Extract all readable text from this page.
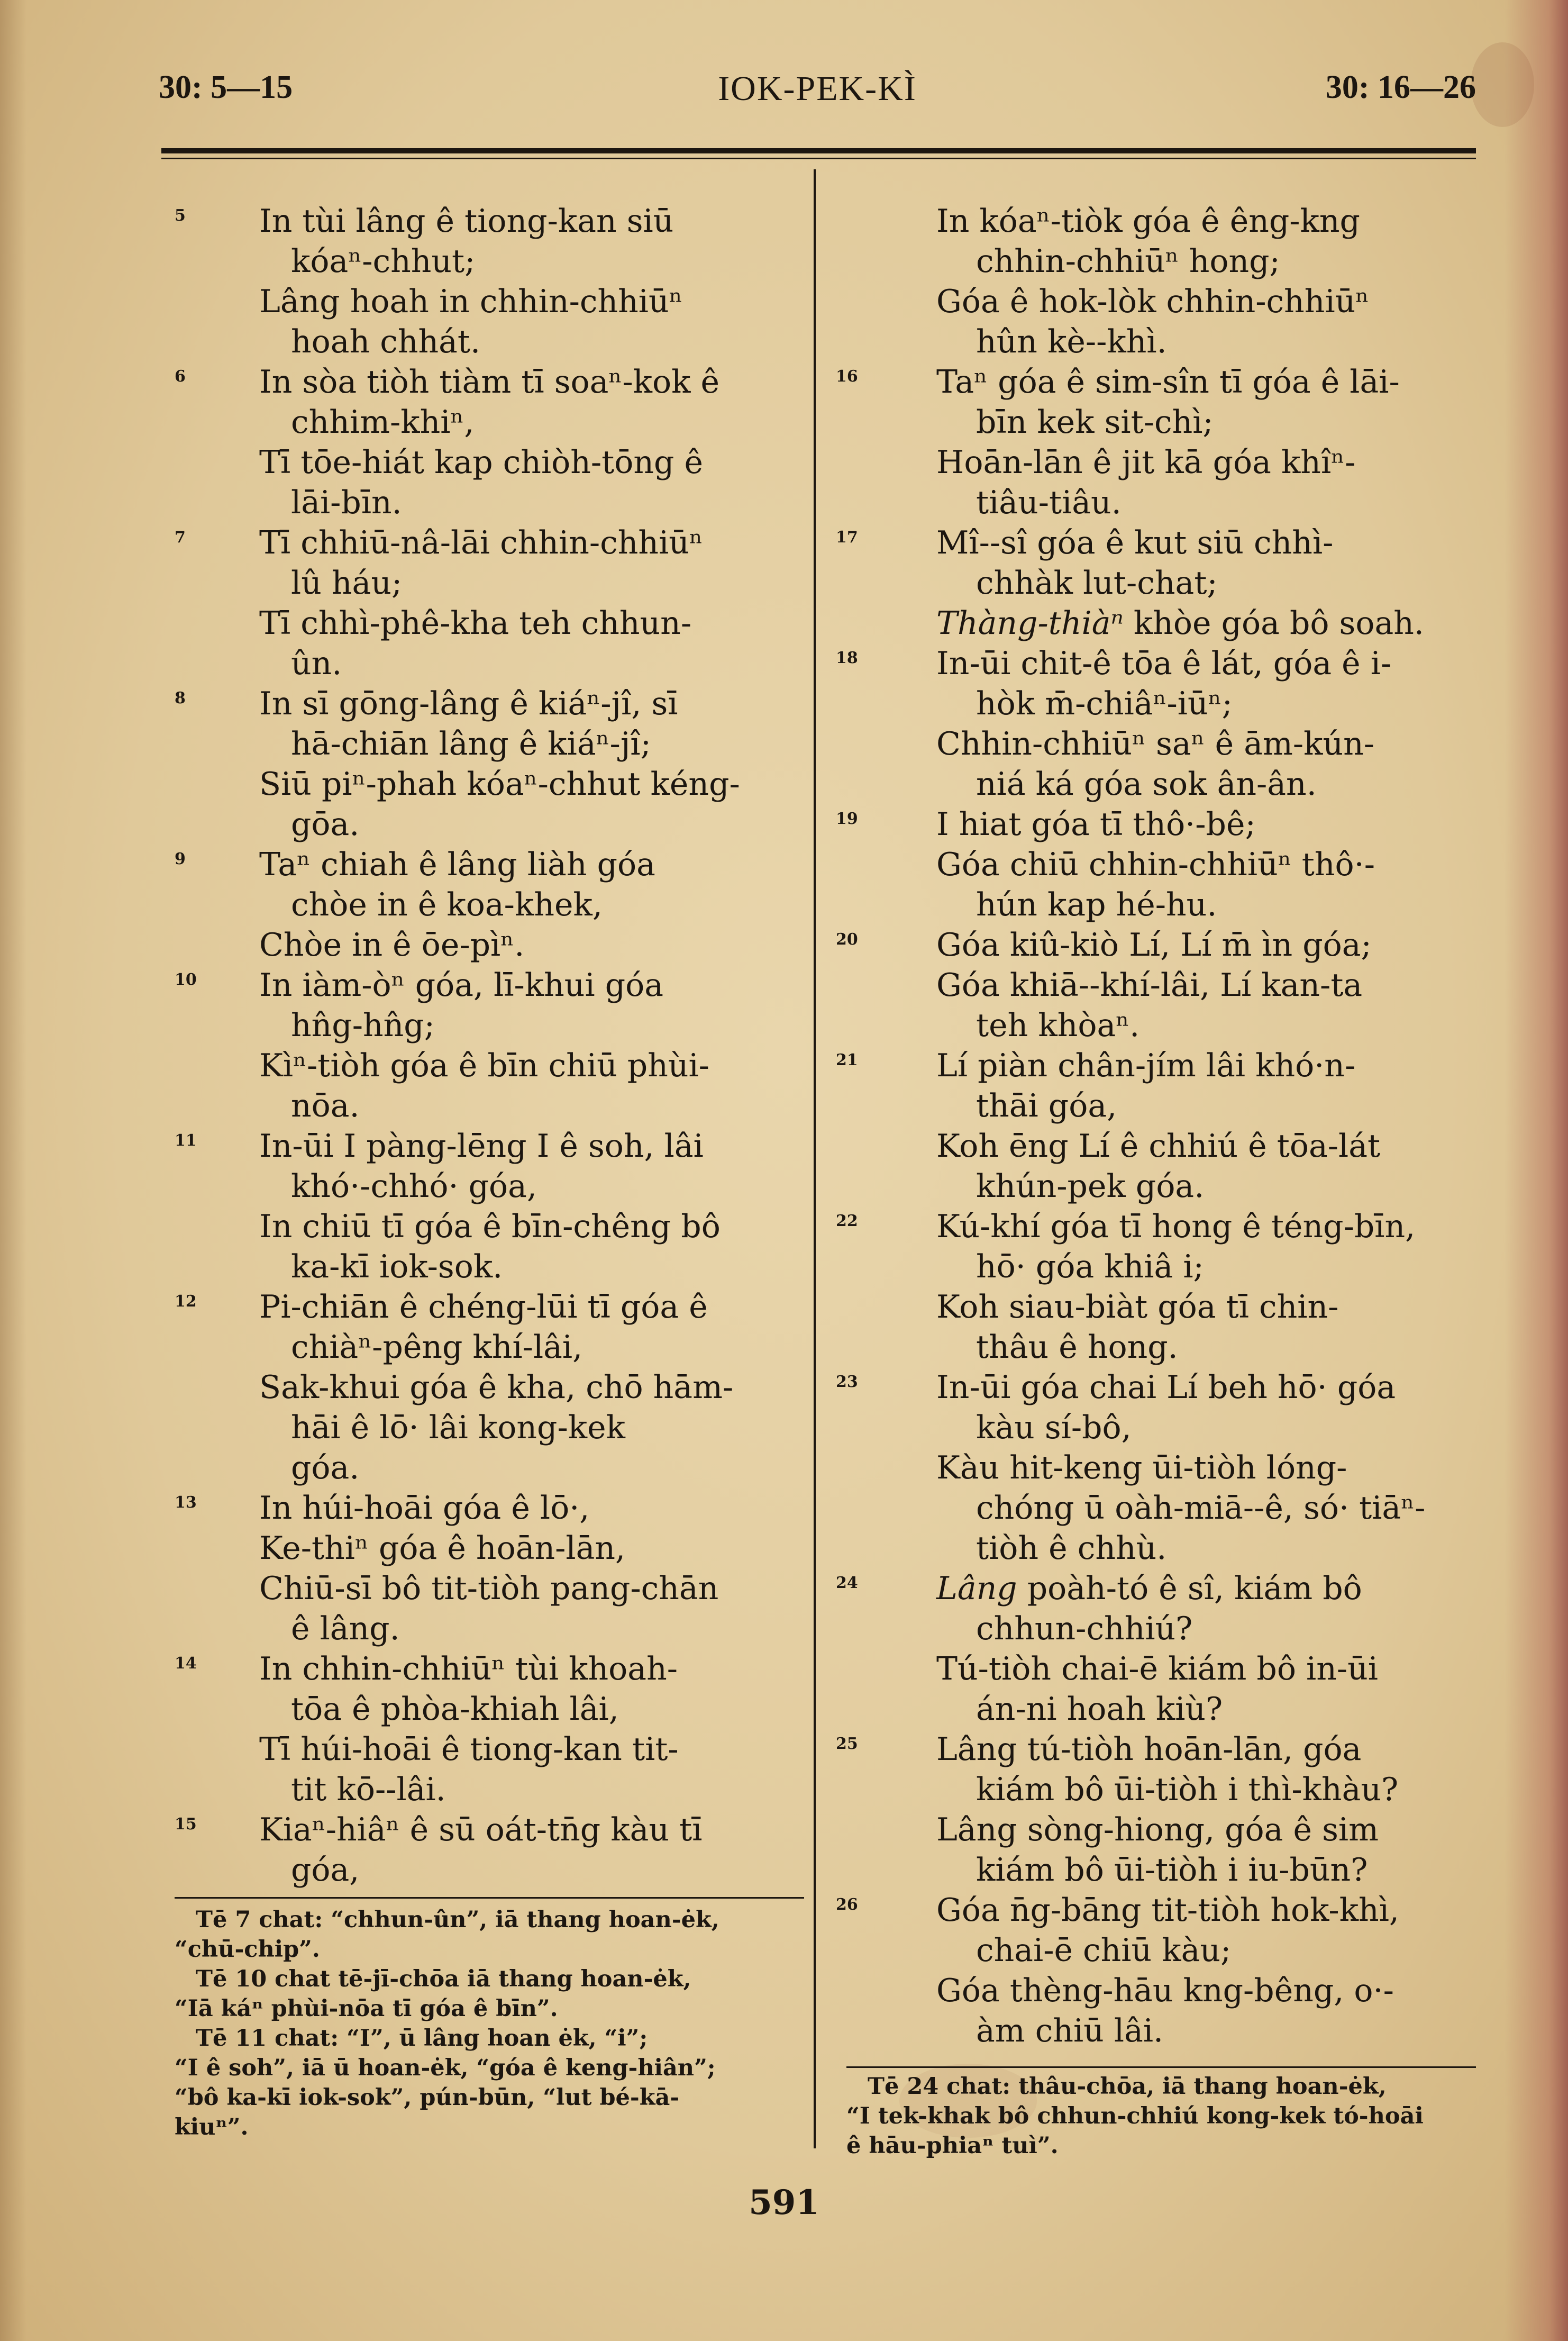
30: 5—15	IOK-PEK-KÌ	30: 16—26
5	In tùi lâng ê tiong-kan siū
kóaⁿ-chhut;
Lâng hoah in chhin-chhiūⁿ
hoah chhát.
6	In sòa tiòh tiàm tī soaⁿ-kok ê
chhim-khiⁿ,
Tī tōe-hiát kap chiòh-tōng ê
lāi-bīn.
7	Tī chhiū-nâ-lāi chhin-chhiūⁿ
lû háu;
Tī chhì-phê-kha teh chhun-
ûn.
8	In sī gōng-lâng ê kiáⁿ-jî, sī
hā-chiān lâng ê kiáⁿ-jî;
Siū piⁿ-phah kóaⁿ-chhut kéng-
gōa.
9	Taⁿ chiah ê lâng liàh góa
chòe in ê koa-khek,
Chòe in ê ōe-pìⁿ.
10	In iàm-òⁿ góa, lī-khui góa
hn̂g-hn̂g;
Kìⁿ-tiòh góa ê bīn chiū phùi-
nōa.
11	In-ūi I pàng-lēng I ê soh, lâi
khó·-chhó· góa,
In chiū tī góa ê bīn-chêng bô
ka-kī iok-sok.
12	Pi-chiān ê chéng-lūi tī góa ê
chiàⁿ-pêng khí-lâi,
Sak-khui góa ê kha, chō hām-
hāi ê lō· lâi kong-kek
góa.
13	In húi-hoāi góa ê lō·,
Ke-thiⁿ góa ê hoān-lān,
Chiū-sī bô tit-tiòh pang-chān
ê lâng.
14	In chhin-chhiūⁿ tùi khoah-
tōa ê phòa-khiah lâi,
Tī húi-hoāi ê tiong-kan tit-
tit kō--lâi.
15	Kiaⁿ-hiâⁿ ê sū oát-tn̄g kàu tī
góa,
In kóaⁿ-tiòk góa ê êng-kng
chhin-chhiūⁿ hong;
Góa ê hok-lòk chhin-chhiūⁿ
hûn kè--khì.
16	Taⁿ góa ê sim-sîn tī góa ê lāi-
bīn kek sit-chì;
Hoān-lān ê jit kā góa khîⁿ-
tiâu-tiâu.
17	Mî--sî góa ê kut siū chhì-
chhàk lut-chat;
Thàng-thiàⁿ khòe góa bô soah.
18	In-ūi chit-ê tōa ê lát, góa ê i-
hòk m̄-chiâⁿ-iūⁿ;
Chhin-chhiūⁿ saⁿ ê ām-kún-
niá ká góa sok ân-ân.
19	I hiat góa tī thô·-bê;
Góa chiū chhin-chhiūⁿ thô·-
hún kap hé-hu.
20	Góa kiû-kiò Lí, Lí m̄ ìn góa;
Góa khiā--khí-lâi, Lí kan-ta
teh khòaⁿ.
21	Lí piàn chân-jím lâi khó·n-
thāi góa,
Koh ēng Lí ê chhiú ê tōa-lát
khún-pek góa.
22	Kú-khí góa tī hong ê téng-bīn,
hō· góa khiâ i;
Koh siau-biàt góa tī chin-
thâu ê hong.
23	In-ūi góa chai Lí beh hō· góa
kàu sí-bô,
Kàu hit-keng ūi-tiòh lóng-
chóng ū oàh-miā--ê, só· tiāⁿ-
tiòh ê chhù.
24	Lâng poàh-tó ê sî, kiám bô
chhun-chhiú?
Tú-tiòh chai-ē kiám bô in-ūi
án-ni hoah kiù?
25	Lâng tú-tiòh hoān-lān, góa
kiám bô ūi-tiòh i thì-khàu?
Lâng sòng-hiong, góa ê sim
kiám bô ūi-tiòh i iu-būn?
26	Góa n̄g-bāng tit-tiòh hok-khì,
chai-ē chiū kàu;
Góa thèng-hāu kng-bêng, o·-
àm chiū lâi.
Tē 7 chat: “chhun-ûn”, iā thang hoan-ėk,
“chū-chip”.
Tē 10 chat tē-jī-chōa iā thang hoan-ėk,
“Iā káⁿ phùi-nōa tī góa ê bīn”.
Tē 11 chat: “I”, ū lâng hoan ėk, “i”;
“I ê soh”, iā ū hoan-ėk, “góa ê keng-hiân”;
“bô ka-kī iok-sok”, pún-būn, “lut bé-kā-
kiuⁿ”.
Tē 24 chat: thâu-chōa, iā thang hoan-ėk,
“I tek-khak bô chhun-chhiú kong-kek tó-hoāi
ê hāu-phiaⁿ tuì”.
591
